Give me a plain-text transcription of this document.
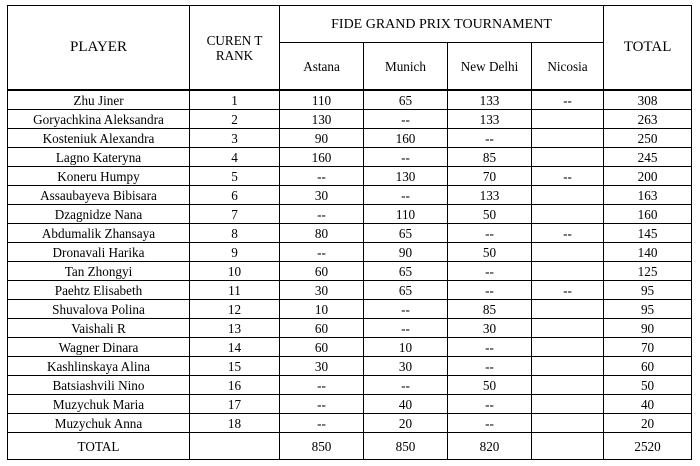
PLAYER	CUREN T RANK	FIDE GRAND PRIX TOURNAMENT				TOTAL
		Astana	Munich	New Delhi	Nicosia	
Zhu Jiner	1	110	65	133	--	308
Goryachkina Aleksandra	2	130	--	133		263
Kosteniuk Alexandra	3	90	160	--		250
Lagno Kateryna	4	160	--	85		245
Koneru Humpy	5	--	130	70	--	200
Assaubayeva Bibisara	6	30	--	133		163
Dzagnidze Nana	7	--	110	50		160
Abdumalik Zhansaya	8	80	65	--	--	145
Dronavali Harika	9	--	90	50		140
Tan Zhongyi	10	60	65	--		125
Paehtz Elisabeth	11	30	65	--	--	95
Shuvalova Polina	12	10	--	85		95
Vaishali R	13	60	--	30		90
Wagner Dinara	14	60	10	--		70
Kashlinskaya Alina	15	30	30	--		60
Batsiashvili Nino	16	--	--	50		50
Muzychuk Maria	17	--	40	--		40
Muzychuk Anna	18	--	20	--		20
TOTAL		850	850	820		2520
